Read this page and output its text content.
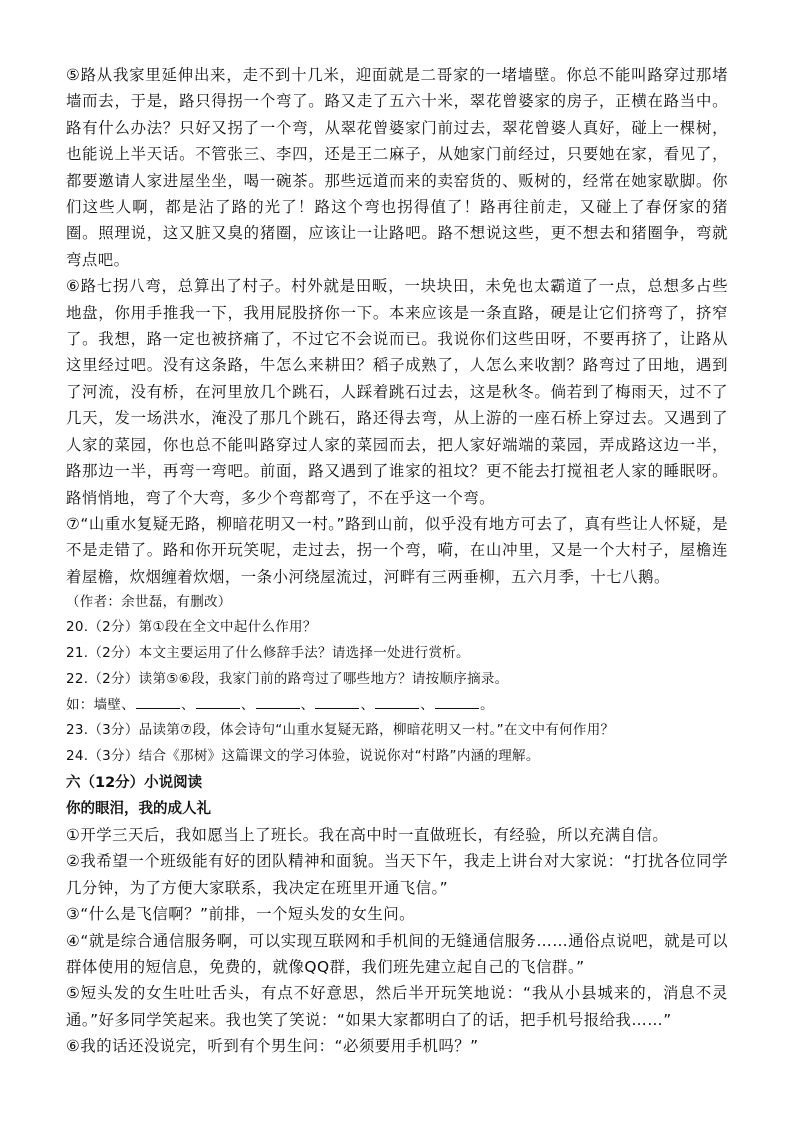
⑤路从我家里延伸出来，走不到十几米，迎面就是二哥家的一堵墙壁。你总不能叫路穿过那堵墙而去，于是，路只得拐一个弯了。路又走了五六十米，翠花曾婆家的房子，正横在路当中。路有什么办法？只好又拐了一个弯，从翠花曾婆家门前过去，翠花曾婆人真好，碰上一棵树，也能说上半天话。不管张三、李四，还是王二麻子，从她家门前经过，只要她在家，看见了，都要邀请人家进屋坐坐，喝一碗茶。那些远道而来的卖窑货的、贩树的，经常在她家歇脚。你们这些人啊，都是沾了路的光了！路这个弯也拐得值了！路再往前走，又碰上了春伢家的猪圈。照理说，这又脏又臭的猪圈，应该让一让路吧。路不想说这些，更不想去和猪圈争，弯就弯点吧。

⑥路七拐八弯，总算出了村子。村外就是田畈，一块块田，未免也太霸道了一点，总想多占些地盘，你用手推我一下，我用屁股挤你一下。本来应该是一条直路，硬是让它们挤弯了，挤窄了。我想，路一定也被挤痛了，不过它不会说而已。我说你们这些田呀，不要再挤了，让路从这里经过吧。没有这条路，牛怎么来耕田？稻子成熟了，人怎么来收割？路弯过了田地，遇到了河流，没有桥，在河里放几个跳石，人踩着跳石过去，这是秋冬。倘若到了梅雨天，过不了几天，发一场洪水，淹没了那几个跳石，路还得去弯，从上游的一座石桥上穿过去。又遇到了人家的菜园，你也总不能叫路穿过人家的菜园而去，把人家好端端的菜园，弄成路这边一半，路那边一半，再弯一弯吧。前面，路又遇到了谁家的祖坟？更不能去打搅祖老人家的睡眠呀。路悄悄地，弯了个大弯，多少个弯都弯了，不在乎这一个弯。

⑦“山重水复疑无路，柳暗花明又一村。”路到山前，似乎没有地方可去了，真有些让人怀疑，是不是走错了。路和你开玩笑呢，走过去，拐一个弯，嗬，在山冲里，又是一个大村子，屋檐连着屋檐，炊烟缠着炊烟，一条小河绕屋流过，河畔有三两垂柳，五六月季，十七八鹅。

（作者：余世磊，有删改）

20.（2分）第①段在全文中起什么作用？

21.（2分）本文主要运用了什么修辞手法？请选择一处进行赏析。

22.（2分）读第⑤⑥段，我家门前的路弯过了哪些地方？请按顺序摘录。

如：墙壁、	、	、	、	、	、	。

23.（3分）品读第⑦段，体会诗句“山重水复疑无路，柳暗花明又一村。”在文中有何作用？

24.（3分）结合《那树》这篇课文的学习体验，说说你对“村路”内涵的理解。

六（12分）小说阅读

你的眼泪，我的成人礼

①开学三天后，我如愿当上了班长。我在高中时一直做班长，有经验，所以充满自信。

②我希望一个班级能有好的团队精神和面貌。当天下午，我走上讲台对大家说：“打扰各位同学几分钟，为了方便大家联系，我决定在班里开通飞信。”

③“什么是飞信啊？”前排，一个短头发的女生问。

④“就是综合通信服务啊，可以实现互联网和手机间的无缝通信服务……通俗点说吧，就是可以群体使用的短信息，免费的，就像QQ群，我们班先建立起自己的飞信群。”

⑤短头发的女生吐吐舌头，有点不好意思，然后半开玩笑地说：“我从小县城来的，消息不灵通。”好多同学笑起来。我也笑了笑说：“如果大家都明白了的话，把手机号报给我……”

⑥我的话还没说完，听到有个男生问：“必须要用手机吗？”
